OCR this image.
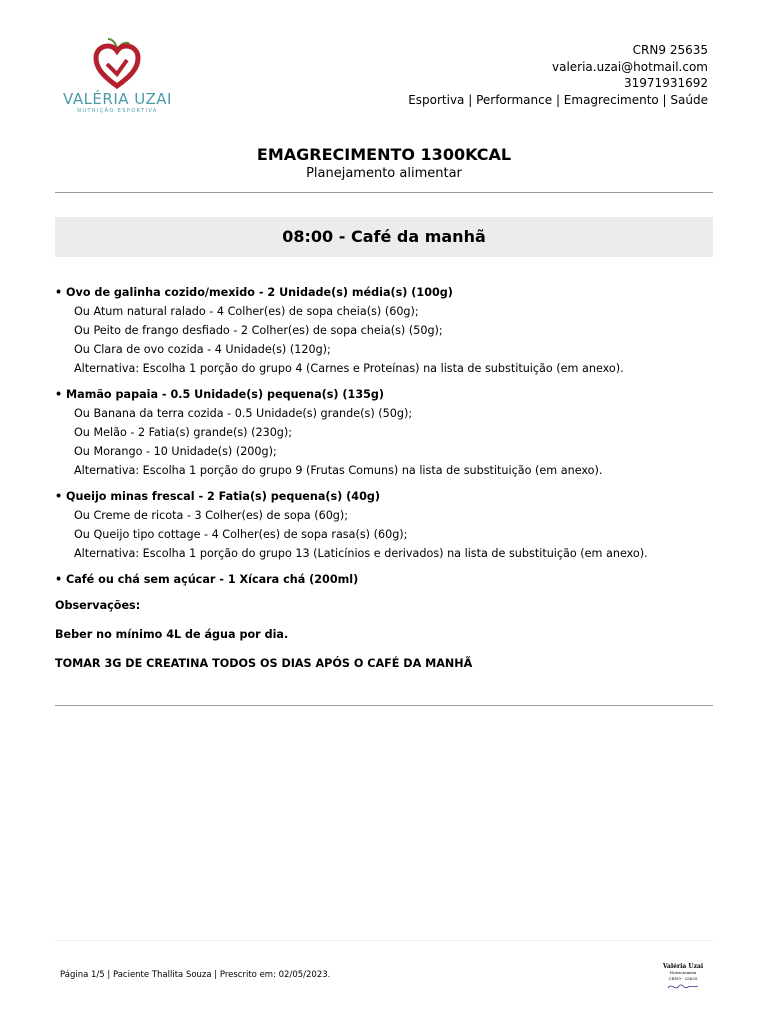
VALÉRIA UZAI
NUTRIÇÃO ESPORTIVA
CRN9 25635
valeria.uzai@hotmail.com
31971931692
Esportiva | Performance | Emagrecimento | Saúde
EMAGRECIMENTO 1300KCAL
Planejamento alimentar
08:00 - Café da manhã
• Ovo de galinha cozido/mexido - 2 Unidade(s) média(s) (100g)
Ou Atum natural ralado - 4 Colher(es) de sopa cheia(s) (60g);
Ou Peito de frango desfiado - 2 Colher(es) de sopa cheia(s) (50g);
Ou Clara de ovo cozida - 4 Unidade(s) (120g);
Alternativa: Escolha 1 porção do grupo 4 (Carnes e Proteínas) na lista de substituição (em anexo).
• Mamão papaia - 0.5 Unidade(s) pequena(s) (135g)
Ou Banana da terra cozida - 0.5 Unidade(s) grande(s) (50g);
Ou Melão - 2 Fatia(s) grande(s) (230g);
Ou Morango - 10 Unidade(s) (200g);
Alternativa: Escolha 1 porção do grupo 9 (Frutas Comuns) na lista de substituição (em anexo).
• Queijo minas frescal - 2 Fatia(s) pequena(s) (40g)
Ou Creme de ricota - 3 Colher(es) de sopa (60g);
Ou Queijo tipo cottage - 4 Colher(es) de sopa rasa(s) (60g);
Alternativa: Escolha 1 porção do grupo 13 (Laticínios e derivados) na lista de substituição (em anexo).
• Café ou chá sem açúcar - 1 Xícara chá (200ml)
Observações:
Beber no mínimo 4L de água por dia.
TOMAR 3G DE CREATINA TODOS OS DIAS APÓS O CAFÉ DA MANHÃ
Página 1/5 | Paciente Thallita Souza | Prescrito em: 02/05/2023.
Valéria Uzai
Nutricionista
CRN9 - 25635
